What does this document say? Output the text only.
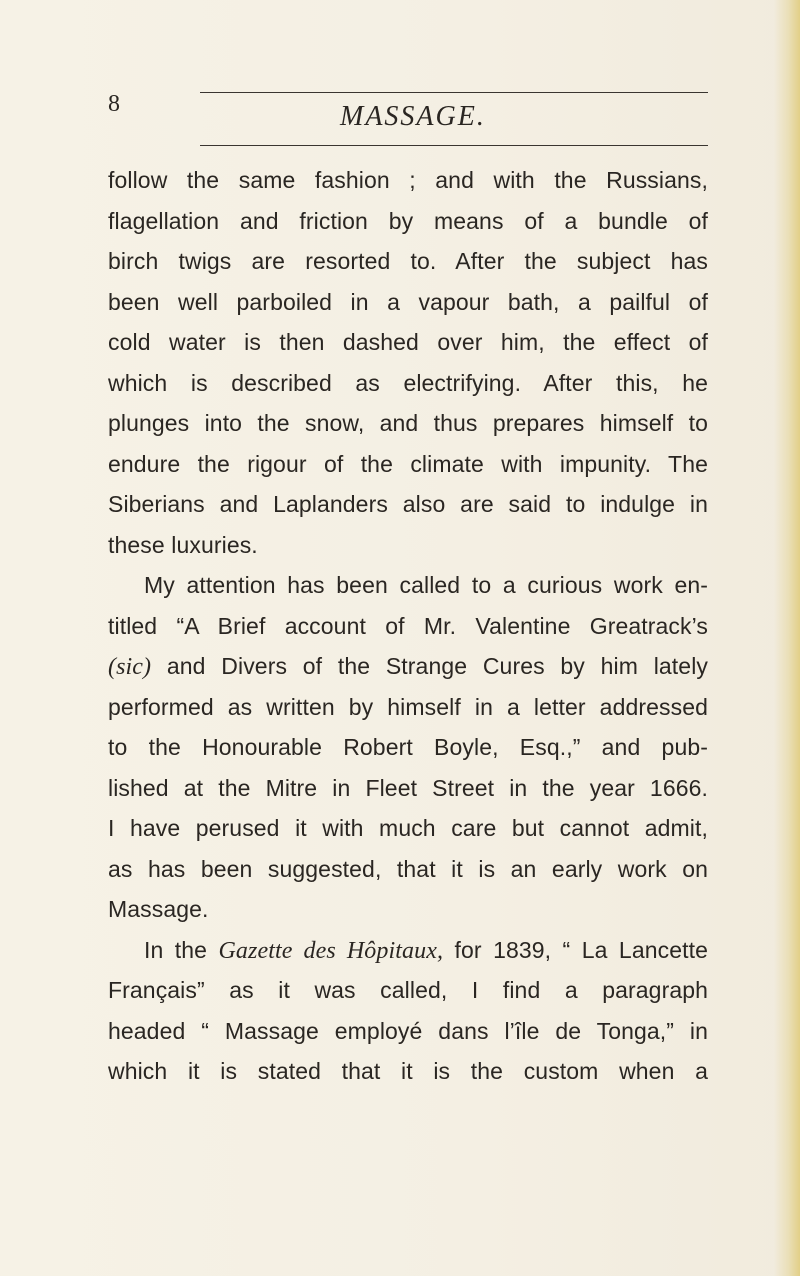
8	MASSAGE.
follow the same fashion ; and with the Russians,
flagellation and friction by means of a bundle of
birch twigs are resorted to. After the subject has
been well parboiled in a vapour bath, a pailful of
cold water is then dashed over him, the effect of
which is described as electrifying. After this, he
plunges into the snow, and thus prepares himself to
endure the rigour of the climate with impunity. The
Siberians and Laplanders also are said to indulge in
these luxuries.
My attention has been called to a curious work en-
titled “A Brief account of Mr. Valentine Greatrack’s
(sic) and Divers of the Strange Cures by him lately
performed as written by himself in a letter addressed
to the Honourable Robert Boyle, Esq.,” and pub-
lished at the Mitre in Fleet Street in the year 1666.
I have perused it with much care but cannot admit,
as has been suggested, that it is an early work on
Massage.
In the Gazette des Hôpitaux, for 1839, “ La Lancette
Français” as it was called, I find a paragraph
headed “ Massage employé dans l’île de Tonga,” in
which it is stated that it is the custom when a
